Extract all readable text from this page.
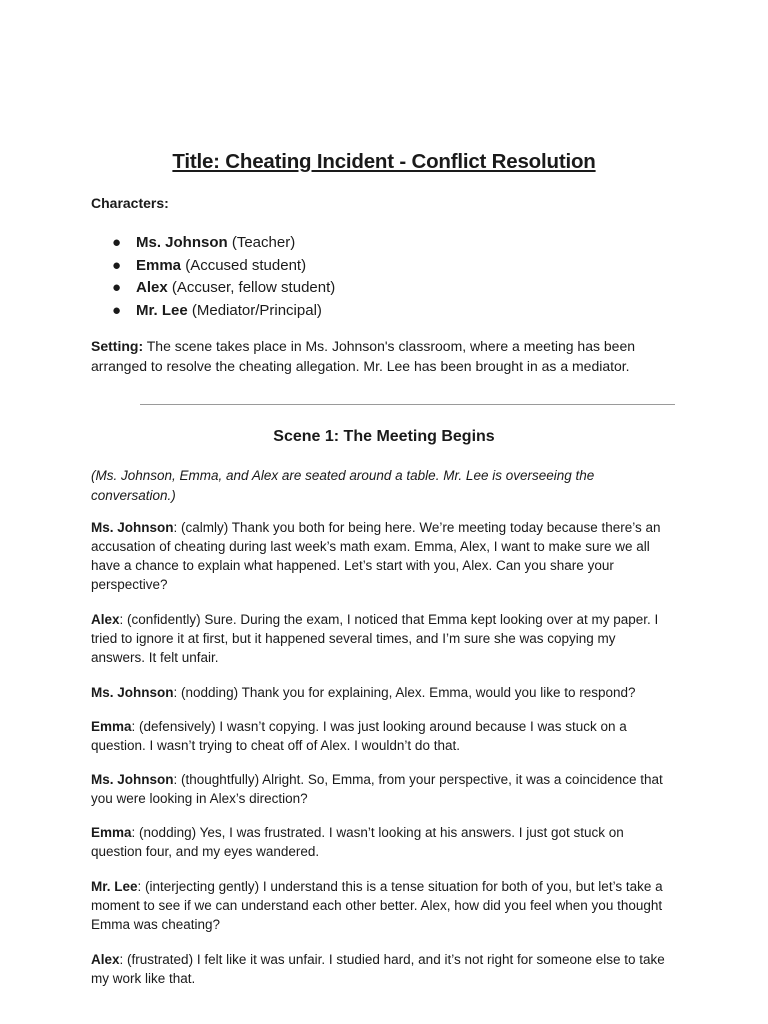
Title: Cheating Incident - Conflict Resolution
Characters:
● Ms. Johnson (Teacher)
● Emma (Accused student)
● Alex (Accuser, fellow student)
● Mr. Lee (Mediator/Principal)

Setting: The scene takes place in Ms. Johnson's classroom, where a meeting has been arranged to resolve the cheating allegation. Mr. Lee has been brought in as a mediator.

Scene 1: The Meeting Begins

(Ms. Johnson, Emma, and Alex are seated around a table. Mr. Lee is overseeing the conversation.)

Ms. Johnson: (calmly) Thank you both for being here. We’re meeting today because there’s an accusation of cheating during last week’s math exam. Emma, Alex, I want to make sure we all have a chance to explain what happened. Let’s start with you, Alex. Can you share your perspective?

Alex: (confidently) Sure. During the exam, I noticed that Emma kept looking over at my paper. I tried to ignore it at first, but it happened several times, and I’m sure she was copying my answers. It felt unfair.

Ms. Johnson: (nodding) Thank you for explaining, Alex. Emma, would you like to respond?

Emma: (defensively) I wasn’t copying. I was just looking around because I was stuck on a question. I wasn’t trying to cheat off of Alex. I wouldn’t do that.

Ms. Johnson: (thoughtfully) Alright. So, Emma, from your perspective, it was a coincidence that you were looking in Alex’s direction?

Emma: (nodding) Yes, I was frustrated. I wasn’t looking at his answers. I just got stuck on question four, and my eyes wandered.

Mr. Lee: (interjecting gently) I understand this is a tense situation for both of you, but let’s take a moment to see if we can understand each other better. Alex, how did you feel when you thought Emma was cheating?

Alex: (frustrated) I felt like it was unfair. I studied hard, and it’s not right for someone else to take my work like that.
